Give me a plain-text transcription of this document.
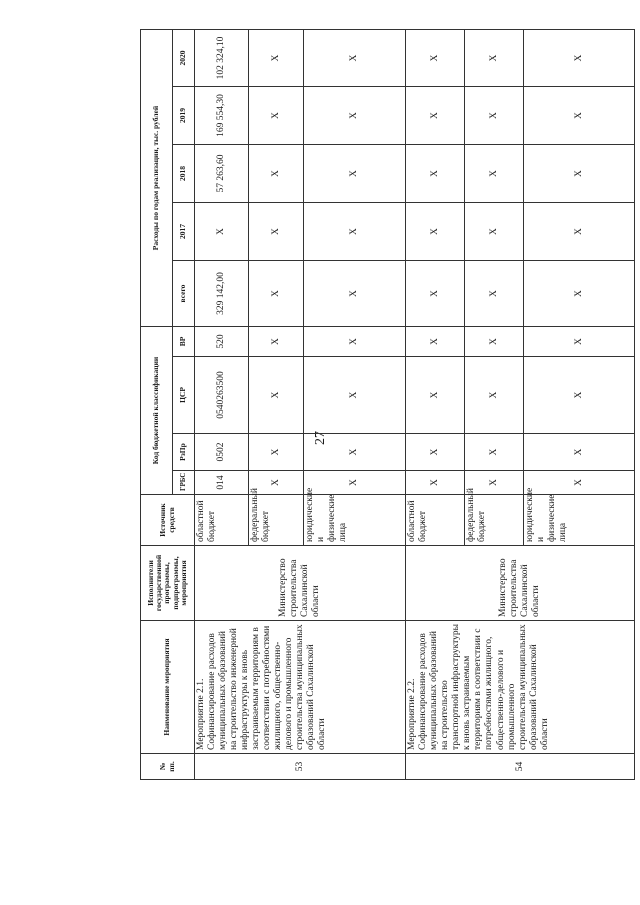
27
№ пп.	Наименование мероприятия	Исполнители государственной программы, подпрограммы, мероприятия	Источник средств	Код бюджетной классификации				Расходы по годам реализации, тыс. рублей				
				ГРБС	РзПр	ЦСР	ВР	всего	2017	2018	2019	2020
53	Мероприятие 2.1. Софинансирование расходов муниципальных образований на строительство инженерной инфраструктуры к вновь застраиваемым территориям в соответствии с потребностями жилищного, общественно-делового и промышленного строительства муниципальных образований Сахалинской области	Министерство строительства Сахалинской области	областной бюджет	014	0502	0540263500	520	329 142,00	X	57 263,60	169 554,30	102 324,10
			федеральный бюджет	X	X	X	X	X	X	X	X	X
			юридические и физические лица	X	X	X	X	X	X	X	X	X
54	Мероприятие 2.2. Софинансирование расходов муниципальных образований на строительство транспортной инфраструктуры к вновь застраиваемым территориям в соответствии с потребностями жилищного, общественно-делового и промышленного строительства муниципальных образований Сахалинской области	Министерство строительства Сахалинской области	областной бюджет	X	X	X	X	X	X	X	X	X
			федеральный бюджет	X	X	X	X	X	X	X	X	X
			юридические и физические лица	X	X	X	X	X	X	X	X	X
